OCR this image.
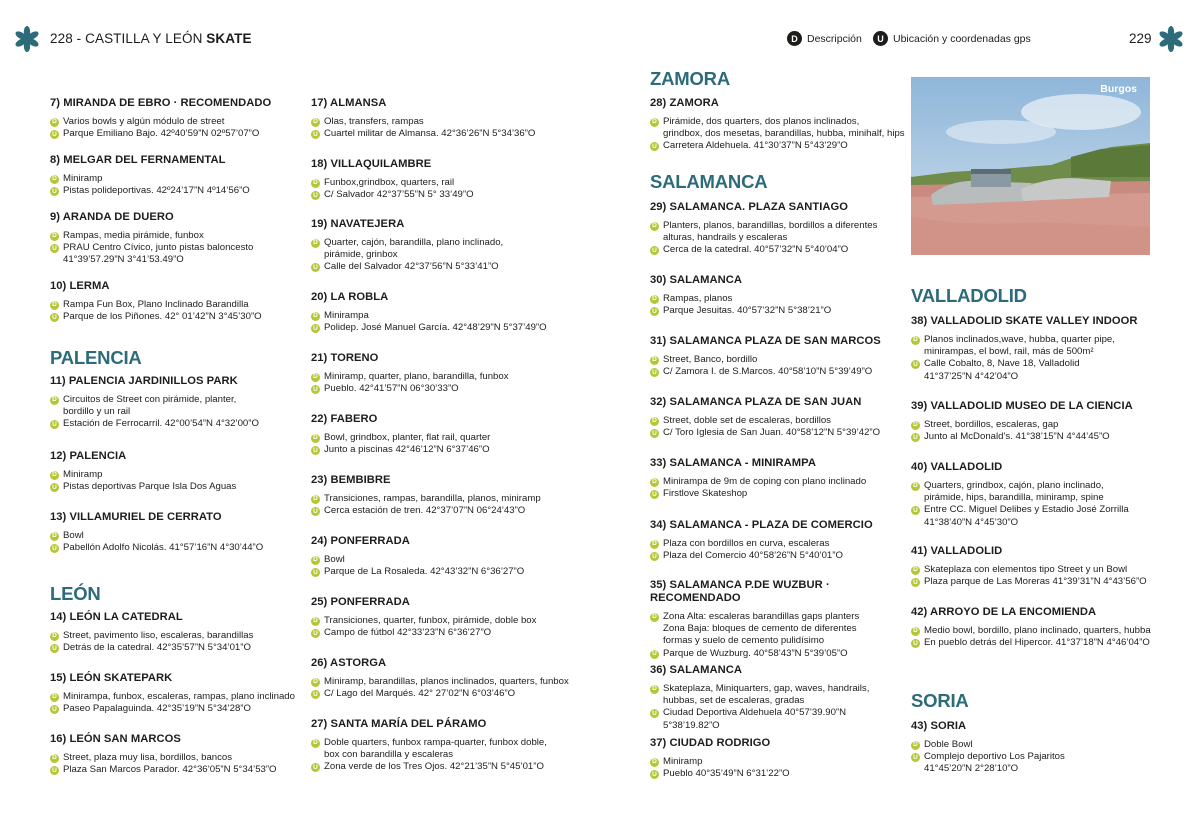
228 - CASTILLA Y LEÓN SKATE	D Descripción	U Ubicación y coordenadas gps	229
Burgos
7) MIRANDA DE EBRO · RECOMENDADO
D Varios bowls y algún módulo de street
U Parque Emiliano Bajo. 42º40’59”N 02º57’07”O
8) MELGAR DEL FERNAMENTAL
D Miniramp
U Pistas polideportivas. 42º24’17”N 4º14’56”O
9) ARANDA DE DUERO
D Rampas, media pirámide, funbox
U PRAU Centro Cívico, junto pistas baloncesto
41°39’57.29”N 3°41’53.49”O
10) LERMA
D Rampa Fun Box, Plano Inclinado Barandilla
U Parque de los Piñones. 42° 01’42”N 3°45’30”O
PALENCIA
11) PALENCIA JARDINILLOS PARK
D Circuitos de Street con pirámide, planter,
bordillo y un rail
U Estación de Ferrocarril. 42°00’54”N 4°32’00”O
12) PALENCIA
D Miniramp
U Pistas deportivas Parque Isla Dos Aguas
13) VILLAMURIEL DE CERRATO
D Bowl
U Pabellón Adolfo Nicolás. 41°57’16”N 4°30’44”O
LEÓN
14) LEÓN LA CATEDRAL
D Street, pavimento liso, escaleras, barandillas
U Detrás de la catedral. 42°35’57”N 5°34’01”O
15) LEÓN SKATEPARK
D Minirampa, funbox, escaleras, rampas, plano inclinado
U Paseo Papalaguinda. 42°35’19”N 5°34’28”O
16) LEÓN SAN MARCOS
D Street, plaza muy lisa, bordillos, bancos
U Plaza San Marcos Parador. 42°36’05”N 5°34’53”O
17) ALMANSA
D Olas, transfers, rampas
U Cuartel militar de Almansa. 42°36’26”N 5°34’36”O
18) VILLAQUILAMBRE
D Funbox,grindbox, quarters, rail
U C/ Salvador 42°37’55”N 5° 33’49”O
19) NAVATEJERA
D Quarter, cajón, barandilla, plano inclinado,
pirámide, grinbox
U Calle del Salvador 42°37’56”N 5°33’41”O
20) LA ROBLA
D Minirampa
U Polidep. José Manuel García. 42°48’29”N 5°37’49”O
21) TORENO
D Miniramp, quarter, plano, barandilla, funbox
U Pueblo. 42°41’57”N 06°30’33”O
22) FABERO
D Bowl, grindbox, planter, flat rail, quarter
U Junto a piscinas 42°46’12”N 6°37’46”O
23) BEMBIBRE
D Transiciones, rampas, barandilla, planos, miniramp
U Cerca estación de tren. 42°37’07”N 06°24’43”O
24) PONFERRADA
D Bowl
U Parque de La Rosaleda. 42°43’32”N 6°36’27”O
25) PONFERRADA
D Transiciones, quarter, funbox, pirámide, doble box
U Campo de fútbol 42°33’23”N 6°36’27”O
26) ASTORGA
D Miniramp, barandillas, planos inclinados, quarters, funbox
U C/ Lago del Marqués. 42° 27’02”N 6°03’46”O
27) SANTA MARÍA DEL PÁRAMO
D Doble quarters, funbox rampa-quarter, funbox doble,
box con barandilla y escaleras
U Zona verde de los Tres Ojos. 42°21’35”N 5°45’01”O
ZAMORA
28) ZAMORA
D Pirámide, dos quarters, dos planos inclinados,
grindbox, dos mesetas, barandillas, hubba, minihalf, hips
U Carretera Aldehuela. 41°30’37”N 5°43’29”O
SALAMANCA
29) SALAMANCA. PLAZA SANTIAGO
D Planters, planos, barandillas, bordillos a diferentes
alturas, handrails y escaleras
U Cerca de la catedral. 40°57’32”N 5°40’04”O
30) SALAMANCA
D Rampas, planos
U Parque Jesuitas. 40°57’32”N 5°38’21”O
31) SALAMANCA PLAZA DE SAN MARCOS
D Street, Banco, bordillo
U C/ Zamora I. de S.Marcos. 40°58’10”N 5°39’49”O
32) SALAMANCA PLAZA DE SAN JUAN
D Street, doble set de escaleras, bordillos
U C/ Toro Iglesia de San Juan. 40°58’12”N 5°39’42”O
33) SALAMANCA - MINIRAMPA
D Minirampa de 9m de coping con plano inclinado
U Firstlove Skateshop
34) SALAMANCA - PLAZA DE COMERCIO
D Plaza con bordillos en curva, escaleras
U Plaza del Comercio 40°58’26”N 5°40’01”O
35) SALAMANCA P.DE WUZBUR · RECOMENDADO
D Zona Alta: escaleras barandillas gaps planters
Zona Baja: bloques de cemento de diferentes
formas y suelo de cemento pulidísimo
U Parque de Wuzburg. 40°58’43”N 5°39’05”O
36) SALAMANCA
D Skateplaza, Miniquarters, gap, waves, handrails,
hubbas, set de escaleras, gradas
U Ciudad Deportiva Aldehuela 40°57’39.90”N 5°38’19.82”O
37) CIUDAD RODRIGO
D Miniramp
U Pueblo 40°35’49”N 6°31’22”O
VALLADOLID
38) VALLADOLID SKATE VALLEY INDOOR
D Planos inclinados,wave, hubba, quarter pipe,
minirampas, el bowl, rail, más de 500m²
U Calle Cobalto, 8, Nave 18, Valladolid
41°37’25”N 4°42’04”O
39) VALLADOLID MUSEO DE LA CIENCIA
D Street, bordillos, escaleras, gap
U Junto al McDonald’s. 41°38’15”N 4°44’45”O
40) VALLADOLID
D Quarters, grindbox, cajón, plano inclinado,
pirámide, hips, barandilla, miniramp, spine
U Entre CC. Miguel Delibes y Estadio José Zorrilla
41°38’40”N 4°45’30”O
41) VALLADOLID
D Skateplaza con elementos tipo Street y un Bowl
U Plaza parque de Las Moreras 41°39’31”N 4°43’56”O
42) ARROYO DE LA ENCOMIENDA
D Medio bowl, bordillo, plano inclinado, quarters, hubba
U En pueblo detrás del Hipercor. 41°37’18”N 4°46’04”O
SORIA
43) SORIA
D Doble Bowl
U Complejo deportivo Los Pajaritos
41°45’20”N 2°28’10”O
